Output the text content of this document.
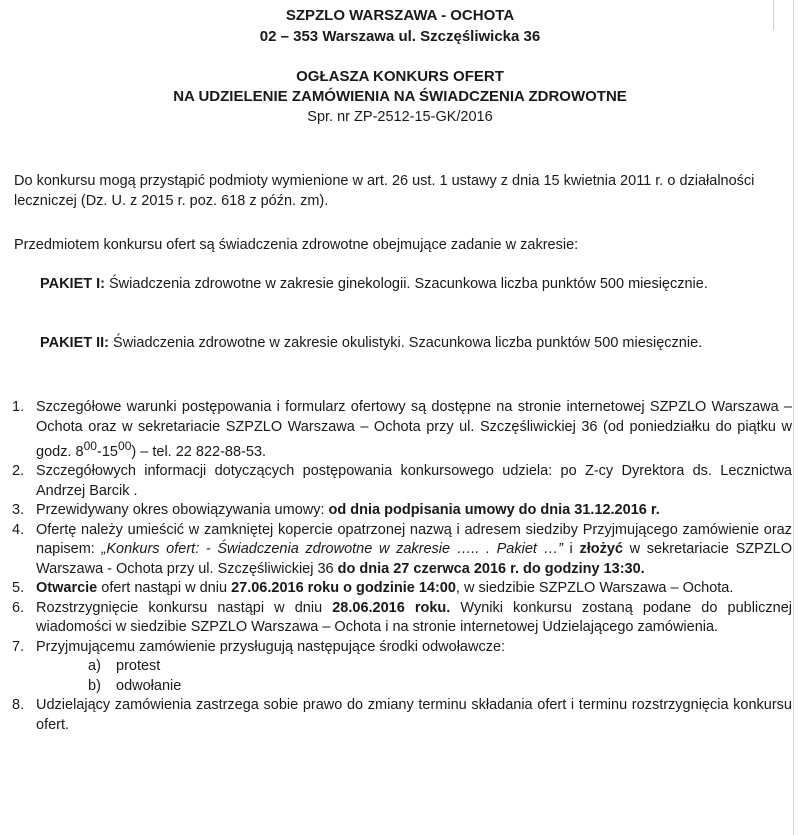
SZPZLO WARSZAWA - OCHOTA

02 – 353 Warszawa ul. Szczęśliwicka 36

OGŁASZA KONKURS OFERT

NA UDZIELENIE ZAMÓWIENIA NA ŚWIADCZENIA ZDROWOTNE

Spr. nr ZP-2512-15-GK/2016

Do konkursu mogą przystąpić podmioty wymienione w art. 26 ust. 1 ustawy z dnia 15 kwietnia 2011 r. o działalności leczniczej (Dz. U. z 2015 r. poz. 618 z późn. zm).

Przedmiotem konkursu ofert są świadczenia zdrowotne obejmujące zadanie w zakresie:

PAKIET I: Świadczenia zdrowotne w zakresie ginekologii. Szacunkowa liczba punktów 500 miesięcznie.

PAKIET II: Świadczenia zdrowotne w zakresie okulistyki. Szacunkowa liczba punktów 500 miesięcznie.

1. Szczegółowe warunki postępowania i formularz ofertowy są dostępne na stronie internetowej SZPZLO Warszawa – Ochota oraz w sekretariacie SZPZLO Warszawa – Ochota przy ul. Szczęśliwickiej 36 (od poniedziałku do piątku w godz. $8^{00}-15^{00}$) – tel. 22 822-88-53.
2. Szczegółowych informacji dotyczących postępowania konkursowego udziela: po Z-cy Dyrektora ds. Lecznictwa Andrzej Barcik .
3. Przewidywany okres obowiązywania umowy: od dnia podpisania umowy do dnia 31.12.2016 r.
4. Ofertę należy umieścić w zamkniętej kopercie opatrzonej nazwą i adresem siedziby Przyjmującego zamówienie oraz napisem: „Konkurs ofert: - Świadczenia zdrowotne w zakresie ….. . Pakiet …” i złożyć w sekretariacie SZPZLO Warszawa - Ochota przy ul. Szczęśliwickiej 36 do dnia 27 czerwca 2016 r. do godziny 13:30.
5. Otwarcie ofert nastąpi w dniu 27.06.2016 roku o godzinie 14:00, w siedzibie SZPZLO Warszawa – Ochota.
6. Rozstrzygnięcie konkursu nastąpi w dniu 28.06.2016 roku. Wyniki konkursu zostaną podane do publicznej wiadomości w siedzibie SZPZLO Warszawa – Ochota i na stronie internetowej Udzielającego zamówienia.
7. Przyjmującemu zamówienie przysługują następujące środki odwoławcze:
a) protest
b) odwołanie
8. Udzielający zamówienia zastrzega sobie prawo do zmiany terminu składania ofert i terminu rozstrzygnięcia konkursu ofert.
